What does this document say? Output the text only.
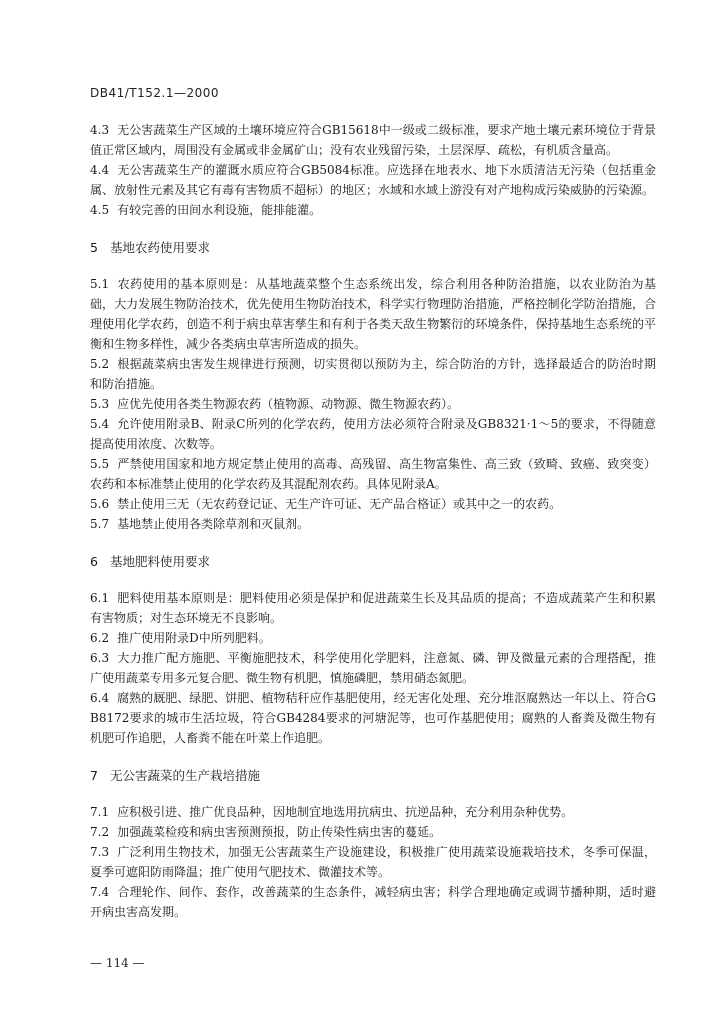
DB41/T152.1—2000

4.3 无公害蔬菜生产区域的土壤环境应符合GB15618中一级或二级标准，要求产地土壤元素环境位于背景值正常区域内，周围没有金属或非金属矿山；没有农业残留污染，土层深厚、疏松，有机质含量高。

4.4 无公害蔬菜生产的灌溉水质应符合GB5084标准。应选择在地表水、地下水质清洁无污染（包括重金属、放射性元素及其它有毒有害物质不超标）的地区；水域和水域上游没有对产地构成污染威胁的污染源。

4.5 有较完善的田间水利设施，能排能灌。

5 基地农药使用要求

5.1 农药使用的基本原则是：从基地蔬菜整个生态系统出发，综合利用各种防治措施，以农业防治为基础，大力发展生物防治技术，优先使用生物防治技术，科学实行物理防治措施，严格控制化学防治措施，合理使用化学农药，创造不利于病虫草害孳生和有利于各类天敌生物繁衍的环境条件，保持基地生态系统的平衡和生物多样性，减少各类病虫草害所造成的损失。

5.2 根据蔬菜病虫害发生规律进行预测，切实贯彻以预防为主，综合防治的方针，选择最适合的防治时期和防治措施。

5.3 应优先使用各类生物源农药（植物源、动物源、微生物源农药）。

5.4 允许使用附录B、附录C所列的化学农药，使用方法必须符合附录及GB8321·1～5的要求，不得随意提高使用浓度、次数等。

5.5 严禁使用国家和地方规定禁止使用的高毒、高残留、高生物富集性、高三致（致畸、致癌、致突变）农药和本标准禁止使用的化学农药及其混配剂农药。具体见附录A。

5.6 禁止使用三无（无农药登记证、无生产许可证、无产品合格证）或其中之一的农药。

5.7 基地禁止使用各类除草剂和灭鼠剂。

6 基地肥料使用要求

6.1 肥料使用基本原则是：肥料使用必须是保护和促进蔬菜生长及其品质的提高；不造成蔬菜产生和积累有害物质；对生态环境无不良影响。

6.2 推广使用附录D中所列肥料。

6.3 大力推广配方施肥、平衡施肥技术，科学使用化学肥料，注意氮、磷、钾及微量元素的合理搭配，推广使用蔬菜专用多元复合肥、微生物有机肥，慎施磷肥，禁用硝态氮肥。

6.4 腐熟的厩肥、绿肥、饼肥、植物秸秆应作基肥使用，经无害化处理、充分堆沤腐熟达一年以上、符合GB8172要求的城市生活垃圾，符合GB4284要求的河塘泥等，也可作基肥使用；腐熟的人畜粪及微生物有机肥可作追肥，人畜粪不能在叶菜上作追肥。

7 无公害蔬菜的生产栽培措施

7.1 应积极引进、推广优良品种，因地制宜地选用抗病虫、抗逆品种，充分利用杂种优势。

7.2 加强蔬菜检疫和病虫害预测预报，防止传染性病虫害的蔓延。

7.3 广泛利用生物技术，加强无公害蔬菜生产设施建设，积极推广使用蔬菜设施栽培技术，冬季可保温，夏季可遮阳防雨降温；推广使用气肥技术、微灌技术等。

7.4 合理轮作、间作、套作，改善蔬菜的生态条件，减轻病虫害；科学合理地确定或调节播种期，适时避开病虫害高发期。

— 114 —
